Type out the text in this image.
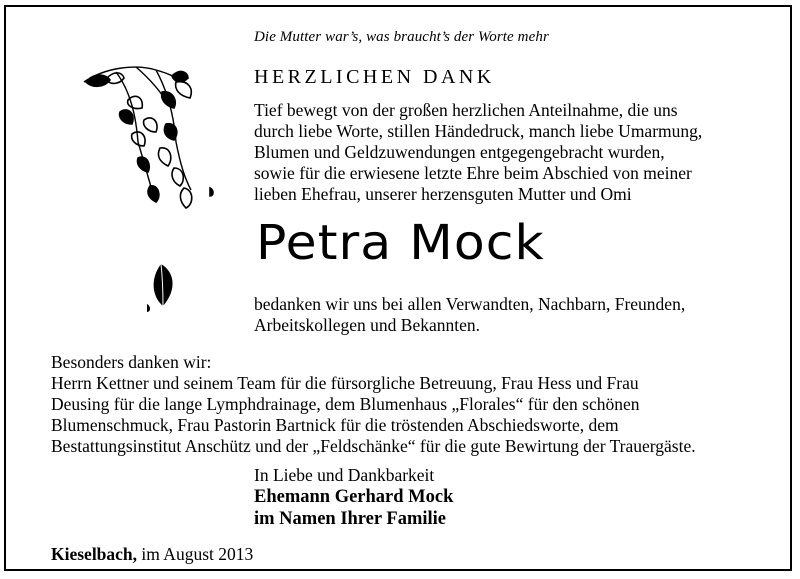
Die Mutter war’s, was braucht’s der Worte mehr
HERZLICHEN DANK
Tief bewegt von der großen herzlichen Anteilnahme, die uns
durch liebe Worte, stillen Händedruck, manch liebe Umarmung,
Blumen und Geldzuwendungen entgegengebracht wurden,
sowie für die erwiesene letzte Ehre beim Abschied von meiner
lieben Ehefrau, unserer herzensguten Mutter und Omi
Petra Mock
bedanken wir uns bei allen Verwandten, Nachbarn, Freunden,
Arbeitskollegen und Bekannten.
Besonders danken wir:
Herrn Kettner und seinem Team für die fürsorgliche Betreuung, Frau Hess und Frau
Deusing für die lange Lymphdrainage, dem Blumenhaus „Florales“ für den schönen
Blumenschmuck, Frau Pastorin Bartnick für die tröstenden Abschiedsworte, dem
Bestattungsinstitut Anschütz und der „Feldschänke“ für die gute Bewirtung der Trauergäste.
In Liebe und Dankbarkeit
Ehemann Gerhard Mock
im Namen Ihrer Familie
Kieselbach, im August 2013
